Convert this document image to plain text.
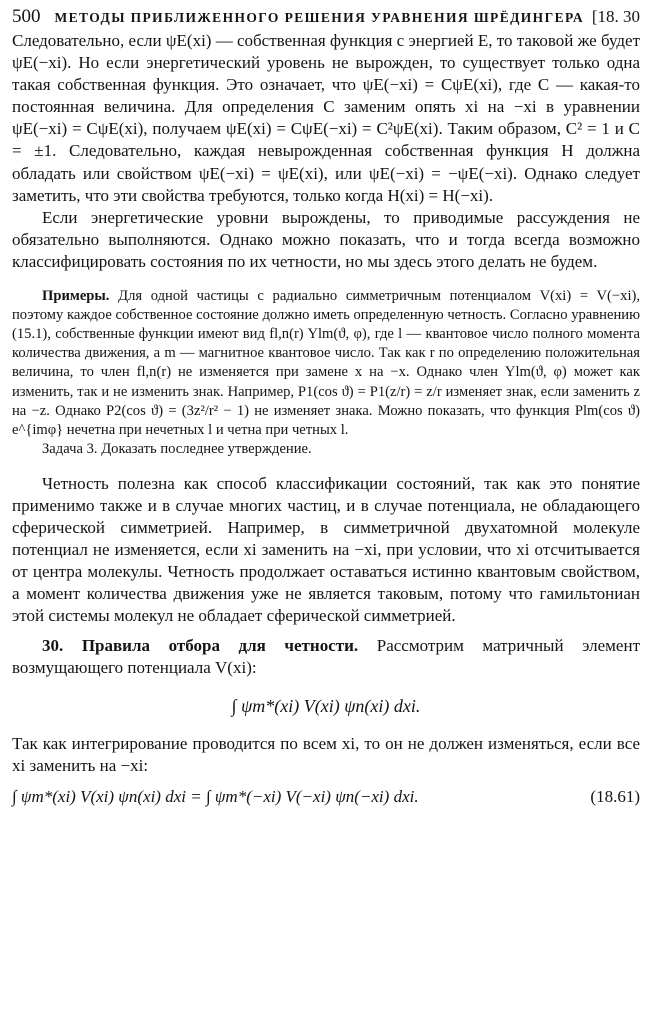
500 МЕТОДЫ ПРИБЛИЖЕННОГО РЕШЕНИЯ УРАВНЕНИЯ ШРЁДИНГЕРА [18. 30

Следовательно, если ψE(xi) — собственная функция с энергией E, то таковой же будет ψE(−xi). Но если энергетический уровень не вырожден, то существует только одна такая собственная функция. Это означает, что ψE(−xi) = CψE(xi), где C — какая-то постоянная величина. Для определения C заменим опять xi на −xi в уравнении ψE(−xi) = CψE(xi), получаем ψE(xi) = CψE(−xi) = C²ψE(xi). Таким образом, C² = 1 и C = ±1. Следовательно, каждая невырожденная собственная функция H должна обладать или свойством ψE(−xi) = ψE(xi), или ψE(−xi) = −ψE(−xi). Однако следует заметить, что эти свойства требуются, только когда H(xi) = H(−xi).

Если энергетические уровни вырождены, то приводимые рассуждения не обязательно выполняются. Однако можно показать, что и тогда всегда возможно классифицировать состояния по их четности, но мы здесь этого делать не будем.

Примеры. Для одной частицы с радиально симметричным потенциалом V(xi) = V(−xi), поэтому каждое собственное состояние должно иметь определенную четность. Согласно уравнению (15.1), собственные функции имеют вид fl,n(r) Ylm(ϑ, φ), где l — квантовое число полного момента количества движения, а m — магнитное квантовое число. Так как r по определению положительная величина, то член fl,n(r) не изменяется при замене x на −x. Однако член Ylm(ϑ, φ) может как изменить, так и не изменить знак. Например, P1(cos ϑ) = P1(z/r) = z/r изменяет знак, если заменить z на −z. Однако P2(cos ϑ) = (3z²/r² − 1) не изменяет знака. Можно показать, что функция Plm(cos ϑ) e^{imφ} нечетна при нечетных l и четна при четных l.

Задача 3. Доказать последнее утверждение.

Четность полезна как способ классификации состояний, так как это понятие применимо также и в случае многих частиц, и в случае потенциала, не обладающего сферической симметрией. Например, в симметричной двухатомной молекуле потенциал не изменяется, если xi заменить на −xi, при условии, что xi отсчитывается от центра молекулы. Четность продолжает оставаться истинно квантовым свойством, а момент количества движения уже не является таковым, потому что гамильтониан этой системы молекул не обладает сферической симметрией.

30. Правила отбора для четности. Рассмотрим матричный элемент возмущающего потенциала V(xi):

∫ ψm*(xi) V(xi) ψn(xi) dxi.

Так как интегрирование проводится по всем xi, то он не должен изменяться, если все xi заменить на −xi:

∫ ψm*(xi) V(xi) ψn(xi) dxi = ∫ ψm*(−xi) V(−xi) ψn(−xi) dxi.	(18.61)
